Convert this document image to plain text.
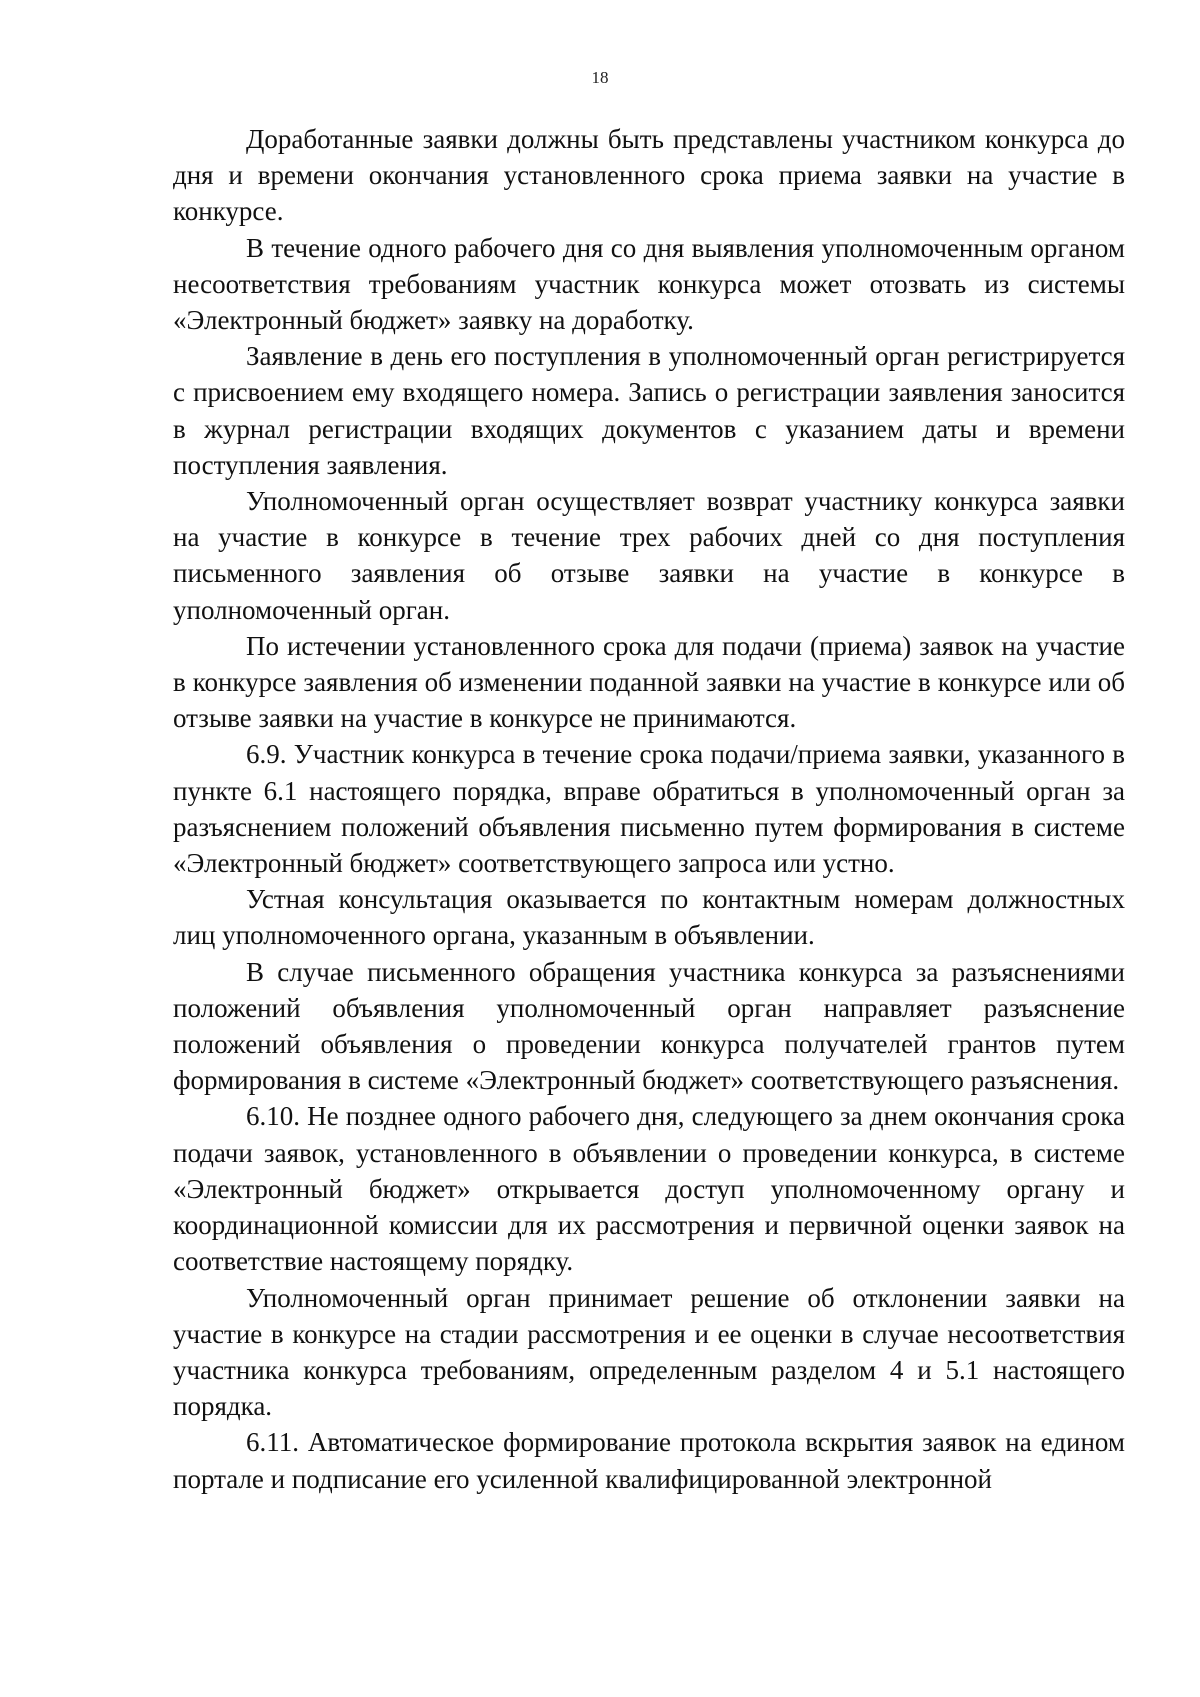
18

Доработанные заявки должны быть представлены участником конкурса до дня и времени окончания установленного срока приема заявки на участие в конкурсе.

В течение одного рабочего дня со дня выявления уполномоченным органом несоответствия требованиям участник конкурса может отозвать из системы «Электронный бюджет» заявку на доработку.

Заявление в день его поступления в уполномоченный орган регистрируется с присвоением ему входящего номера. Запись о регистрации заявления заносится в журнал регистрации входящих документов с указанием даты и времени поступления заявления.

Уполномоченный орган осуществляет возврат участнику конкурса заявки на участие в конкурсе в течение трех рабочих дней со дня поступления письменного заявления об отзыве заявки на участие в конкурсе в уполномоченный орган.

По истечении установленного срока для подачи (приема) заявок на участие в конкурсе заявления об изменении поданной заявки на участие в конкурсе или об отзыве заявки на участие в конкурсе не принимаются.

6.9. Участник конкурса в течение срока подачи/приема заявки, указанного в пункте 6.1 настоящего порядка, вправе обратиться в уполномоченный орган за разъяснением положений объявления письменно путем формирования в системе «Электронный бюджет» соответствующего запроса или устно.

Устная консультация оказывается по контактным номерам должностных лиц уполномоченного органа, указанным в объявлении.

В случае письменного обращения участника конкурса за разъяснениями положений объявления уполномоченный орган направляет разъяснение положений объявления о проведении конкурса получателей грантов путем формирования в системе «Электронный бюджет» соответствующего разъяснения.

6.10. Не позднее одного рабочего дня, следующего за днем окончания срока подачи заявок, установленного в объявлении о проведении конкурса, в системе «Электронный бюджет» открывается доступ уполномоченному органу и координационной комиссии для их рассмотрения и первичной оценки заявок на соответствие настоящему порядку.

Уполномоченный орган принимает решение об отклонении заявки на участие в конкурсе на стадии рассмотрения и ее оценки в случае несоответствия участника конкурса требованиям, определенным разделом 4 и 5.1 настоящего порядка.

6.11. Автоматическое формирование протокола вскрытия заявок на едином портале и подписание его усиленной квалифицированной электронной
